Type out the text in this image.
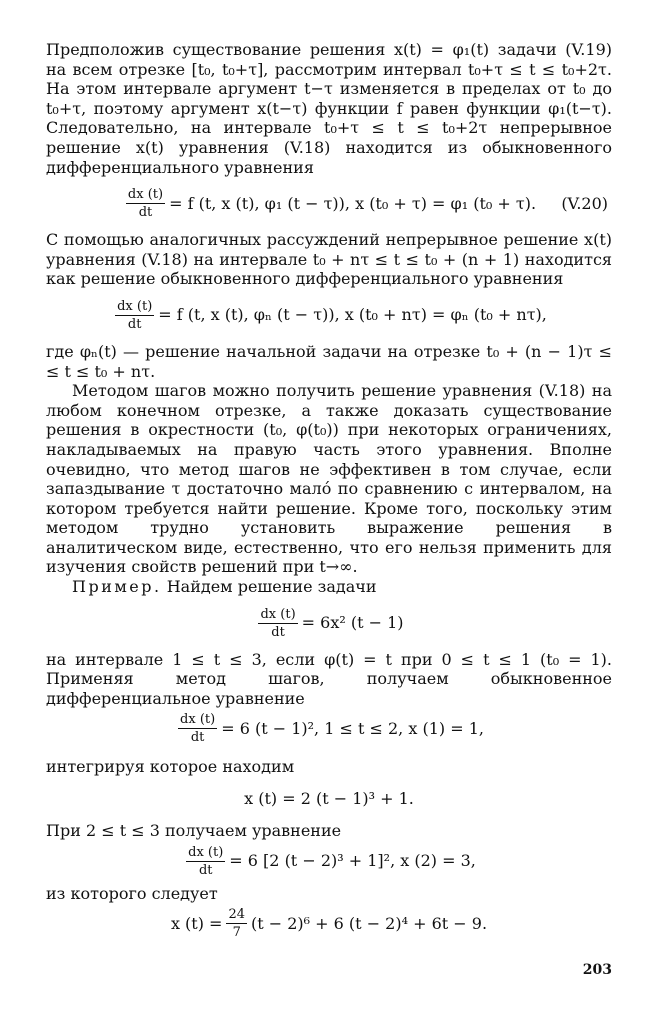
Предположив существование решения x(t) = φ₁(t) задачи (V.19) на всем отрезке [t₀, t₀+τ], рассмотрим интервал t₀+τ ≤ t ≤ t₀+2τ. На этом интервале аргумент t−τ изменяется в пределах от t₀ до t₀+τ, поэтому аргумент x(t−τ) функции f равен функции φ₁(t−τ). Следовательно, на интервале t₀+τ ≤ t ≤ t₀+2τ непрерывное решение x(t) уравнения (V.18) находится из обыкновенного дифференциального уравнения

$\frac{dx (t)}{dt} = f$ (t, x (t), φ₁ (t − τ)), x (t₀ + τ) = φ₁ (t₀ + τ). (V.20)

С помощью аналогичных рассуждений непрерывное решение x(t) уравнения (V.18) на интервале t₀ + nτ ≤ t ≤ t₀ + (n + 1) находится как решение обыкновенного дифференциального уравнения

$\frac{dx (t)}{dt} = f$ (t, x (t), φₙ (t − τ)), x (t₀ + nτ) = φₙ (t₀ + nτ),

где φₙ(t) — решение начальной задачи на отрезке t₀ + (n − 1)τ ≤ ≤ t ≤ t₀ + nτ.

Методом шагов можно получить решение уравнения (V.18) на любом конечном отрезке, а также доказать существование решения в окрестности (t₀, φ(t₀)) при некоторых ограничениях, накладываемых на правую часть этого уравнения. Вполне очевидно, что метод шагов не эффективен в том случае, если запаздывание τ достаточно мало́ по сравнению с интервалом, на котором требуется найти решение. Кроме того, поскольку этим методом трудно установить выражение решения в аналитическом виде, естественно, что его нельзя применить для изучения свойств решений при t→∞.

Пример. Найдем решение задачи

$\frac{dx (t)}{dt} = 6x^2$ (t − 1)

на интервале 1 ≤ t ≤ 3, если φ(t) = t при 0 ≤ t ≤ 1 (t₀ = 1). Применяя метод шагов, получаем обыкновенное дифференциальное уравнение

$\frac{dx (t)}{dt} = 6$ (t − 1)², 1 ≤ t ≤ 2, x (1) = 1,

интегрируя которое находим

x (t) = 2 (t − 1)³ + 1.

При 2 ≤ t ≤ 3 получаем уравнение

$\frac{dx (t)}{dt} = 6$ [2 (t − 2)³ + 1]², x (2) = 3,

из которого следует

x $(t) = \frac{24}{7} (t - 2)^6 + 6$ (t − 2)⁴ + 6t − 9.
203
